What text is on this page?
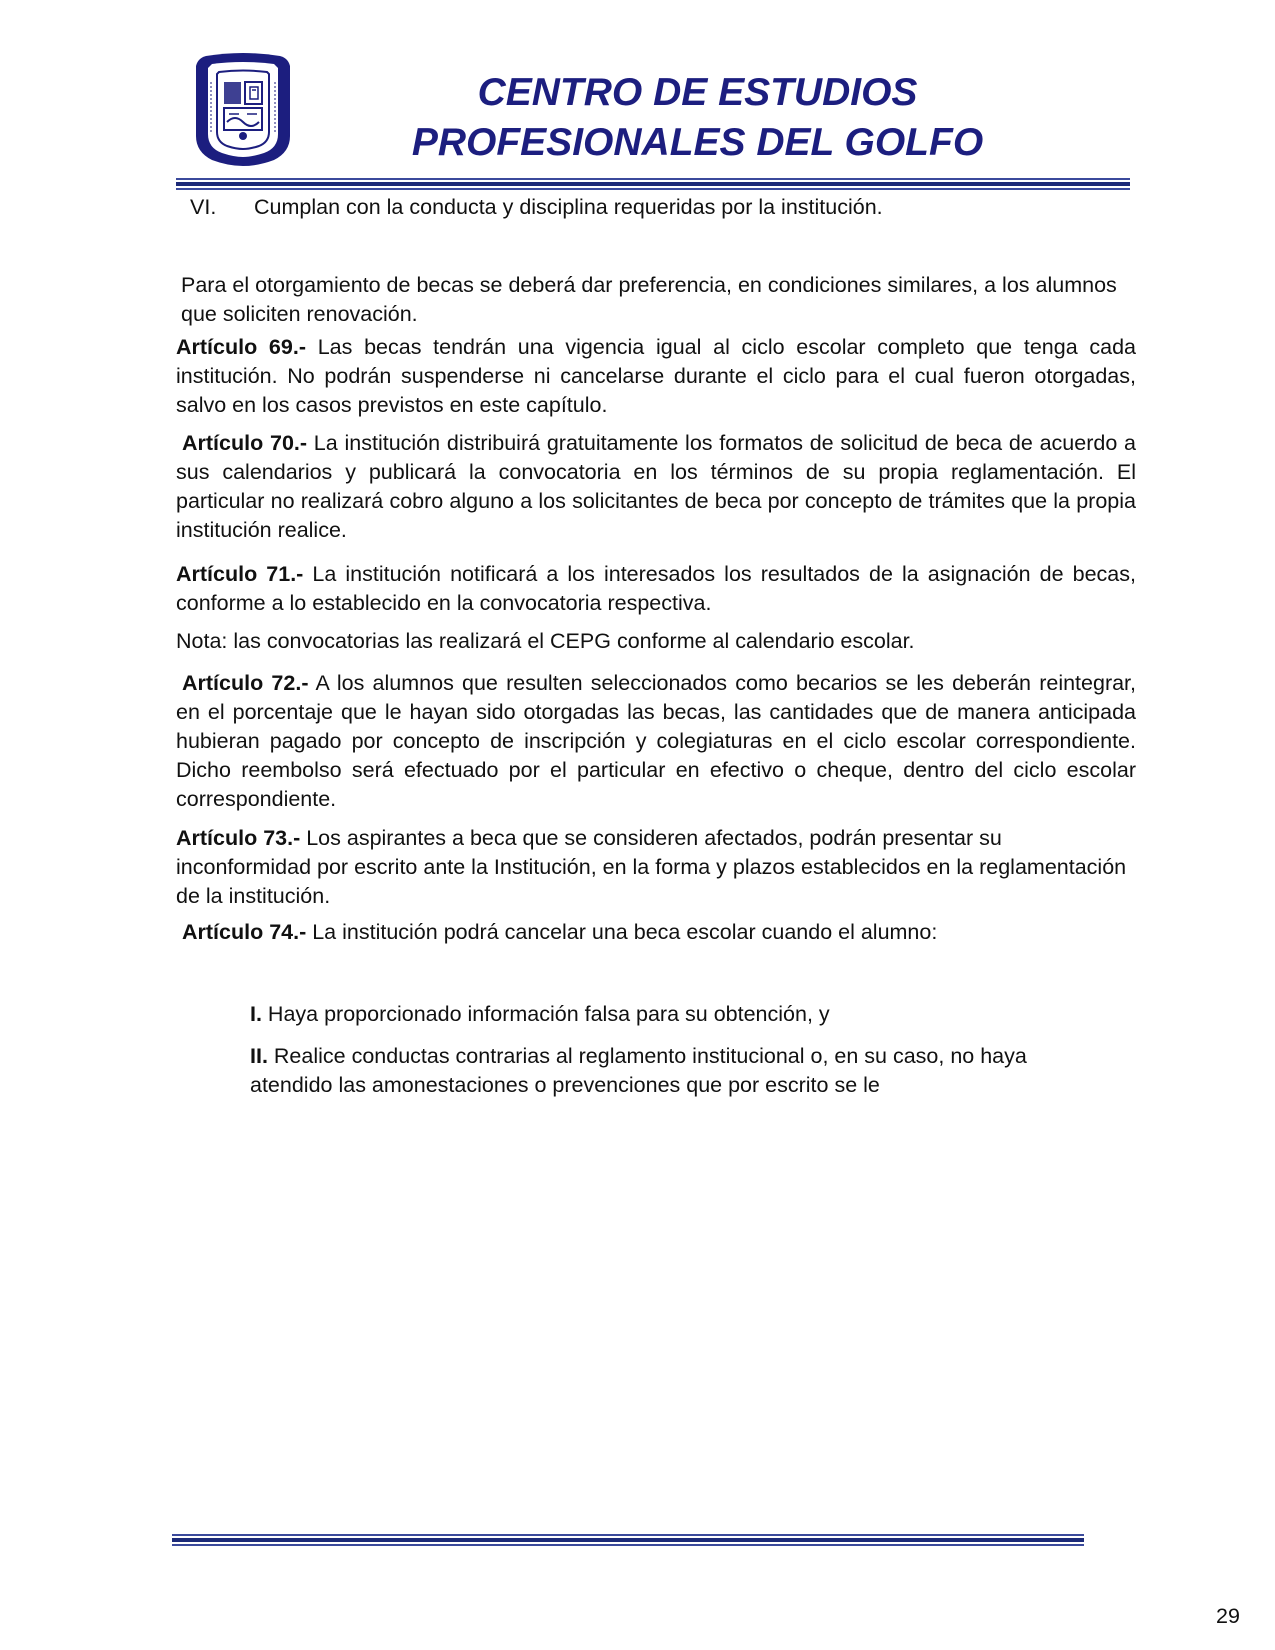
CENTRO DE ESTUDIOS
PROFESIONALES DEL GOLFO
VI. Cumplan con la conducta y disciplina requeridas por la institución.
Para el otorgamiento de becas se deberá dar preferencia, en condiciones similares, a los alumnos que soliciten renovación.
Artículo 69.- Las becas tendrán una vigencia igual al ciclo escolar completo que tenga cada institución. No podrán suspenderse ni cancelarse durante el ciclo para el cual fueron otorgadas, salvo en los casos previstos en este capítulo.
Artículo 70.- La institución distribuirá gratuitamente los formatos de solicitud de beca de acuerdo a sus calendarios y publicará la convocatoria en los términos de su propia reglamentación. El particular no realizará cobro alguno a los solicitantes de beca por concepto de trámites que la propia institución realice.
Artículo 71.- La institución notificará a los interesados los resultados de la asignación de becas, conforme a lo establecido en la convocatoria respectiva.
Nota: las convocatorias las realizará el CEPG conforme al calendario escolar.
Artículo 72.- A los alumnos que resulten seleccionados como becarios se les deberán reintegrar, en el porcentaje que le hayan sido otorgadas las becas, las cantidades que de manera anticipada hubieran pagado por concepto de inscripción y colegiaturas en el ciclo escolar correspondiente. Dicho reembolso será efectuado por el particular en efectivo o cheque, dentro del ciclo escolar correspondiente.
Artículo 73.- Los aspirantes a beca que se consideren afectados, podrán presentar su inconformidad por escrito ante la Institución, en la forma y plazos establecidos en la reglamentación de la institución.
Artículo 74.- La institución podrá cancelar una beca escolar cuando el alumno:
I. Haya proporcionado información falsa para su obtención, y
II. Realice conductas contrarias al reglamento institucional o, en su caso, no haya atendido las amonestaciones o prevenciones que por escrito se le
29
